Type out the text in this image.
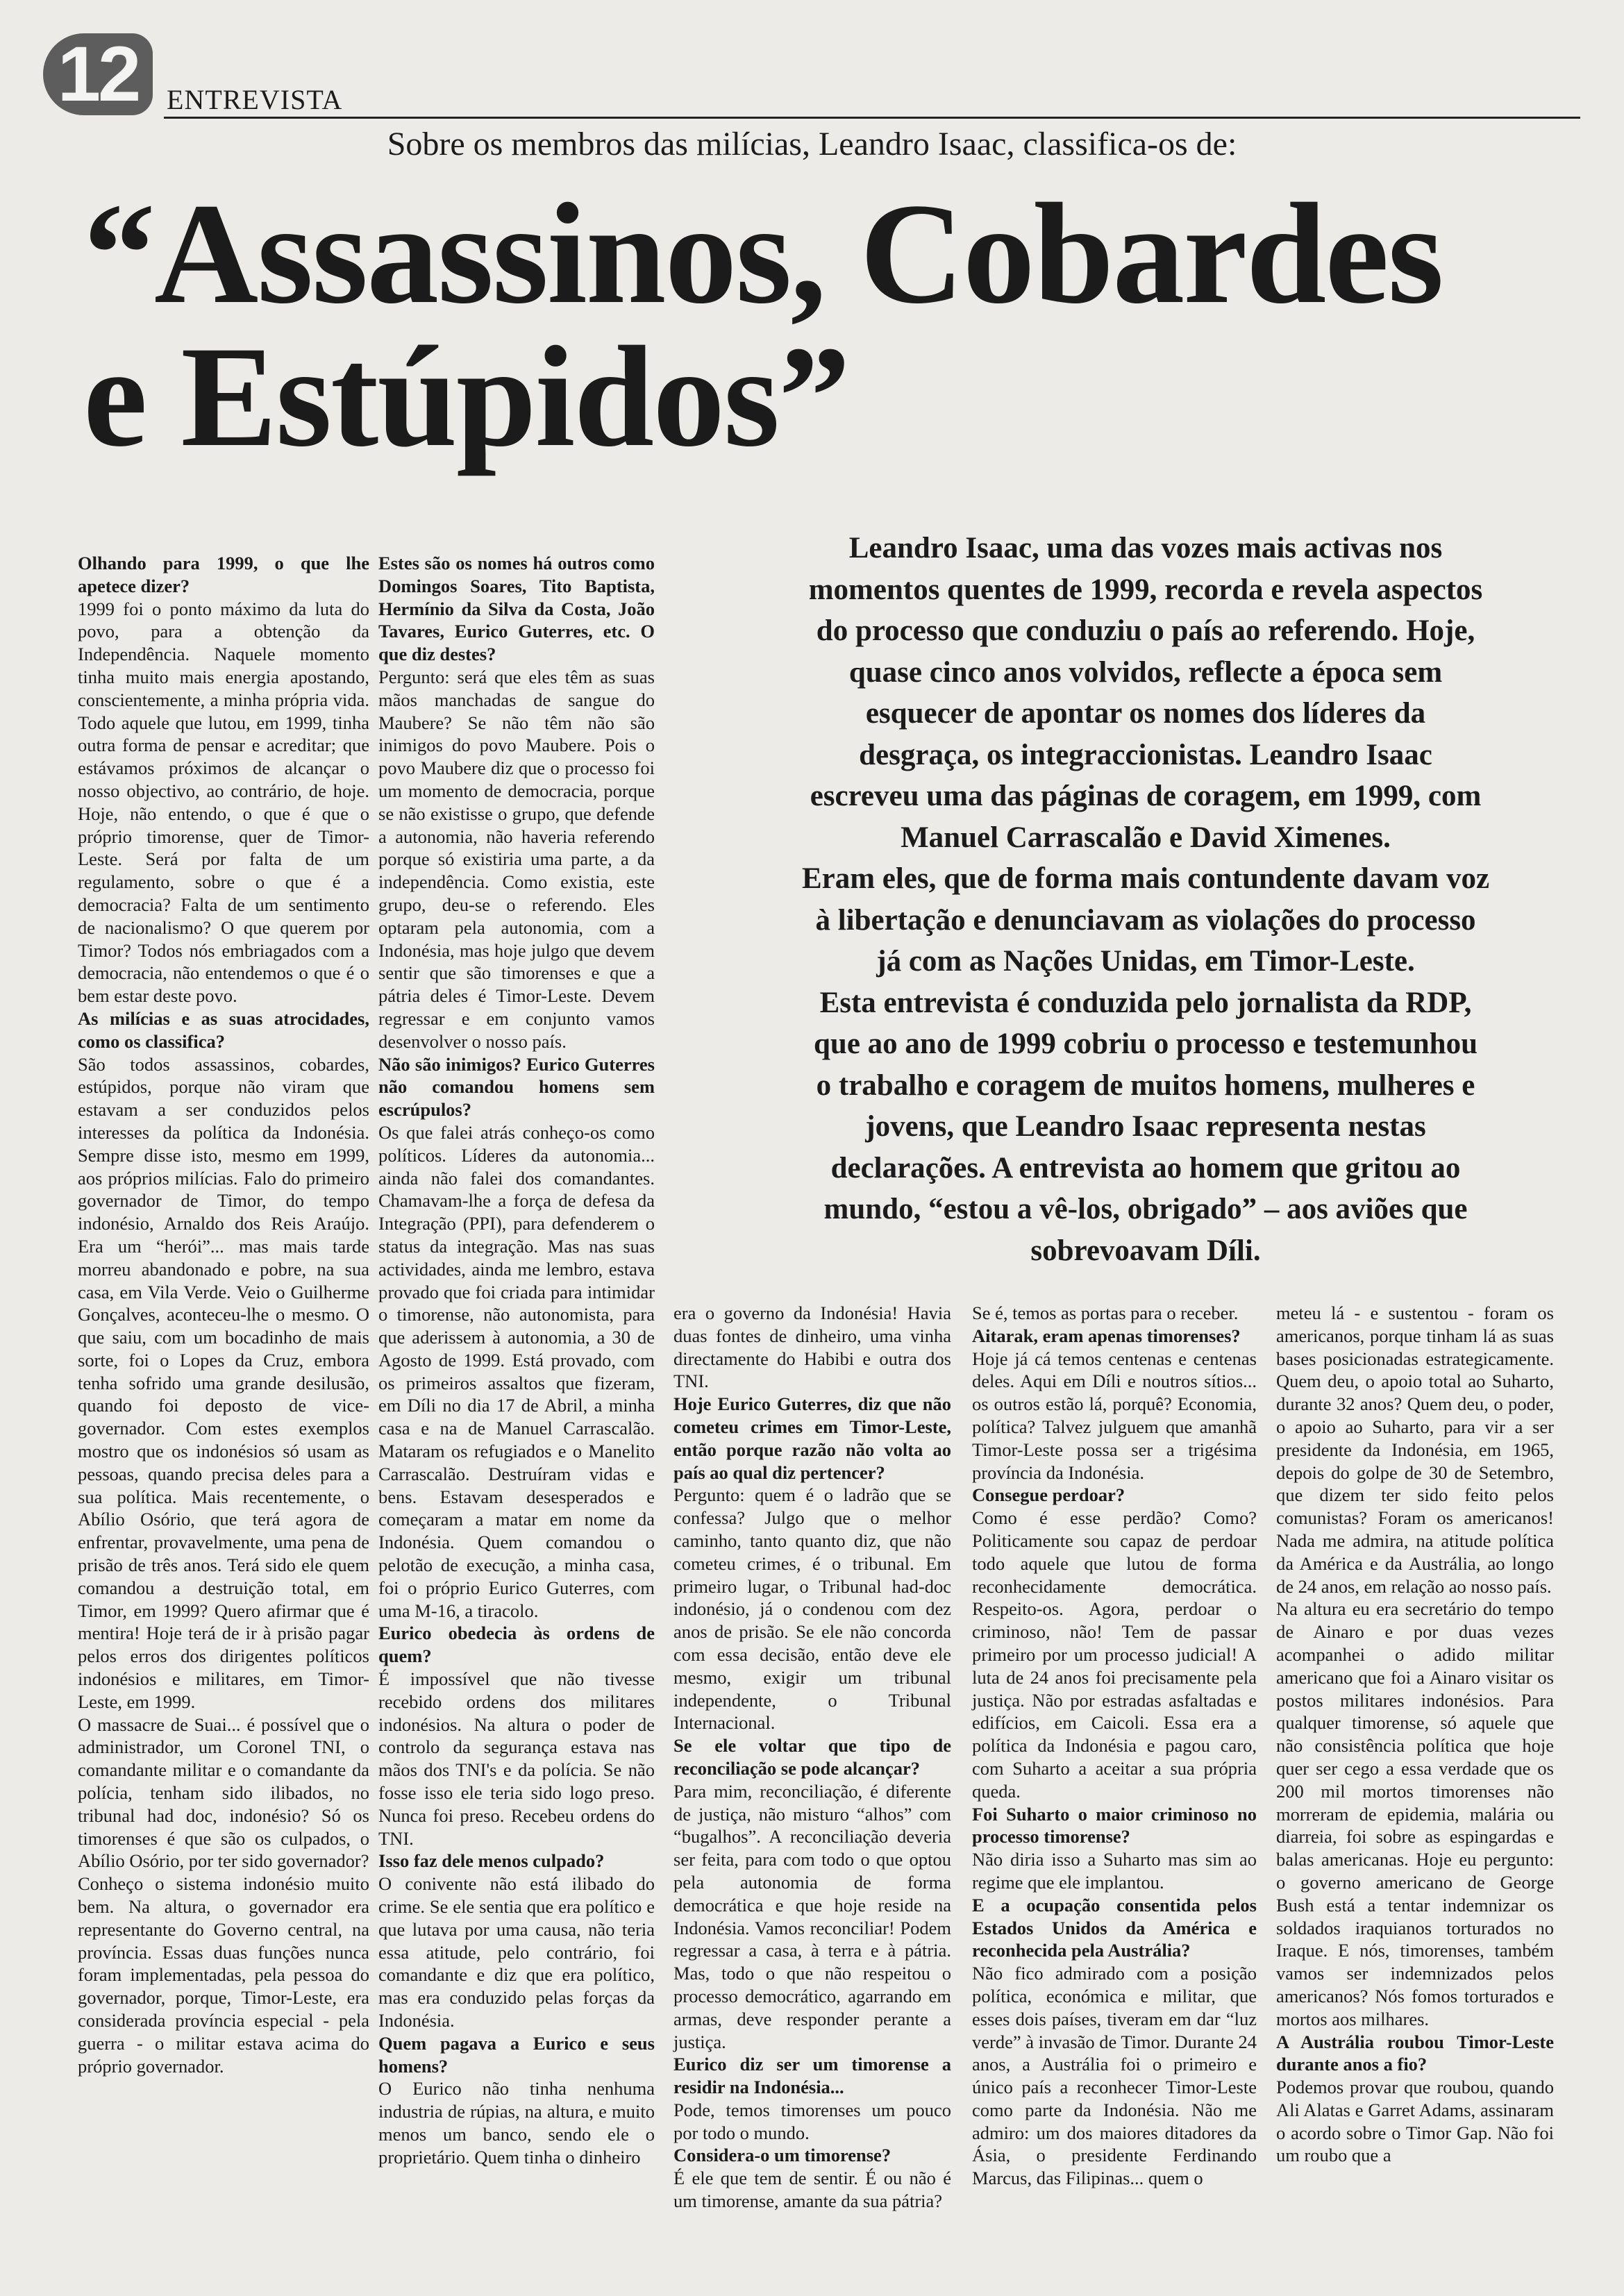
12	ENTREVISTA
Sobre os membros das milícias, Leandro Isaac, classifica-os de:
“Assassinos, Cobardes
e Estúpidos”
Leandro Isaac, uma das vozes mais activas nos
momentos quentes de 1999, recorda e revela aspectos
do processo que conduziu o país ao referendo. Hoje,
quase cinco anos volvidos, reflecte a época sem
esquecer de apontar os nomes dos líderes da
desgraça, os integraccionistas. Leandro Isaac
escreveu uma das páginas de coragem, em 1999, com
Manuel Carrascalão e David Ximenes.
Eram eles, que de forma mais contundente davam voz
à libertação e denunciavam as violações do processo
já com as Nações Unidas, em Timor-Leste.
Esta entrevista é conduzida pelo jornalista da RDP,
que ao ano de 1999 cobriu o processo e testemunhou
o trabalho e coragem de muitos homens, mulheres e
jovens, que Leandro Isaac representa nestas
declarações. A entrevista ao homem que gritou ao
mundo, “estou a vê-los, obrigado” – aos aviões que
sobrevoavam Díli.

Olhando para 1999, o que lhe apetece dizer?

1999 foi o ponto máximo da luta do povo, para a obtenção da Independência. Naquele momento tinha muito mais energia apostando, conscientemente, a minha própria vida. Todo aquele que lutou, em 1999, tinha outra forma de pensar e acreditar; que estávamos próximos de alcançar o nosso objectivo, ao contrário, de hoje. Hoje, não entendo, o que é que o próprio timorense, quer de Timor-Leste. Será por falta de um regulamento, sobre o que é a democracia? Falta de um sentimento de nacionalismo? O que querem por Timor? Todos nós embriagados com a democracia, não entendemos o que é o bem estar deste povo.

As milícias e as suas atrocidades, como os classifica?

São todos assassinos, cobardes, estúpidos, porque não viram que estavam a ser conduzidos pelos interesses da política da Indonésia. Sempre disse isto, mesmo em 1999, aos próprios milícias. Falo do primeiro governador de Timor, do tempo indonésio, Arnaldo dos Reis Araújo. Era um “herói”... mas mais tarde morreu abandonado e pobre, na sua casa, em Vila Verde. Veio o Guilherme Gonçalves, aconteceu-lhe o mesmo. O que saiu, com um bocadinho de mais sorte, foi o Lopes da Cruz, embora tenha sofrido uma grande desilusão, quando foi deposto de vice-governador. Com estes exemplos mostro que os indonésios só usam as pessoas, quando precisa deles para a sua política. Mais recentemente, o Abílio Osório, que terá agora de enfrentar, provavelmente, uma pena de prisão de três anos. Terá sido ele quem comandou a destruição total, em Timor, em 1999? Quero afirmar que é mentira! Hoje terá de ir à prisão pagar pelos erros dos dirigentes políticos indonésios e militares, em Timor-Leste, em 1999.

O massacre de Suai... é possível que o administrador, um Coronel TNI, o comandante militar e o comandante da polícia, tenham sido ilibados, no tribunal had doc, indonésio? Só os timorenses é que são os culpados, o Abílio Osório, por ter sido governador?

Conheço o sistema indonésio muito bem. Na altura, o governador era representante do Governo central, na província. Essas duas funções nunca foram implementadas, pela pessoa do governador, porque, Timor-Leste, era considerada província especial - pela guerra - o militar estava acima do próprio governador.

Estes são os nomes há outros como Domingos Soares, Tito Baptista, Hermínio da Silva da Costa, João Tavares, Eurico Guterres, etc. O que diz destes?

Pergunto: será que eles têm as suas mãos manchadas de sangue do Maubere? Se não têm não são inimigos do povo Maubere. Pois o povo Maubere diz que o processo foi um momento de democracia, porque se não existisse o grupo, que defende a autonomia, não haveria referendo porque só existiria uma parte, a da independência. Como existia, este grupo, deu-se o referendo. Eles optaram pela autonomia, com a Indonésia, mas hoje julgo que devem sentir que são timorenses e que a pátria deles é Timor-Leste. Devem regressar e em conjunto vamos desenvolver o nosso país.

Não são inimigos? Eurico Guterres não comandou homens sem escrúpulos?

Os que falei atrás conheço-os como políticos. Líderes da autonomia... ainda não falei dos comandantes. Chamavam-lhe a força de defesa da Integração (PPI), para defenderem o status da integração. Mas nas suas actividades, ainda me lembro, estava provado que foi criada para intimidar o timorense, não autonomista, para que aderissem à autonomia, a 30 de Agosto de 1999. Está provado, com os primeiros assaltos que fizeram, em Díli no dia 17 de Abril, a minha casa e na de Manuel Carrascalão. Mataram os refugiados e o Manelito Carrascalão. Destruíram vidas e bens. Estavam desesperados e começaram a matar em nome da Indonésia. Quem comandou o pelotão de execução, a minha casa, foi o próprio Eurico Guterres, com uma M-16, a tiracolo.

Eurico obedecia às ordens de quem?

É impossível que não tivesse recebido ordens dos militares indonésios. Na altura o poder de controlo da segurança estava nas mãos dos TNI's e da polícia. Se não fosse isso ele teria sido logo preso. Nunca foi preso. Recebeu ordens do TNI.

Isso faz dele menos culpado?

O conivente não está ilibado do crime. Se ele sentia que era político e que lutava por uma causa, não teria essa atitude, pelo contrário, foi comandante e diz que era político, mas era conduzido pelas forças da Indonésia.

Quem pagava a Eurico e seus homens?

O Eurico não tinha nenhuma industria de rúpias, na altura, e muito menos um banco, sendo ele o proprietário. Quem tinha o dinheiro

era o governo da Indonésia! Havia duas fontes de dinheiro, uma vinha directamente do Habibi e outra dos TNI.

Hoje Eurico Guterres, diz que não cometeu crimes em Timor-Leste, então porque razão não volta ao país ao qual diz pertencer?

Pergunto: quem é o ladrão que se confessa? Julgo que o melhor caminho, tanto quanto diz, que não cometeu crimes, é o tribunal. Em primeiro lugar, o Tribunal had-doc indonésio, já o condenou com dez anos de prisão. Se ele não concorda com essa decisão, então deve ele mesmo, exigir um tribunal independente, o Tribunal Internacional.

Se ele voltar que tipo de reconciliação se pode alcançar?

Para mim, reconciliação, é diferente de justiça, não misturo “alhos” com “bugalhos”. A reconciliação deveria ser feita, para com todo o que optou pela autonomia de forma democrática e que hoje reside na Indonésia. Vamos reconciliar! Podem regressar a casa, à terra e à pátria. Mas, todo o que não respeitou o processo democrático, agarrando em armas, deve responder perante a justiça.

Eurico diz ser um timorense a residir na Indonésia...

Pode, temos timorenses um pouco por todo o mundo.

Considera-o um timorense?

É ele que tem de sentir. É ou não é um timorense, amante da sua pátria?

Se é, temos as portas para o receber.

Aitarak, eram apenas timorenses?

Hoje já cá temos centenas e centenas deles. Aqui em Díli e noutros sítios... os outros estão lá, porquê? Economia, política? Talvez julguem que amanhã Timor-Leste possa ser a trigésima província da Indonésia.

Consegue perdoar?

Como é esse perdão? Como? Politicamente sou capaz de perdoar todo aquele que lutou de forma reconhecidamente democrática. Respeito-os. Agora, perdoar o criminoso, não! Tem de passar primeiro por um processo judicial! A luta de 24 anos foi precisamente pela justiça. Não por estradas asfaltadas e edifícios, em Caicoli. Essa era a política da Indonésia e pagou caro, com Suharto a aceitar a sua própria queda.

Foi Suharto o maior criminoso no processo timorense?

Não diria isso a Suharto mas sim ao regime que ele implantou.

E a ocupação consentida pelos Estados Unidos da América e reconhecida pela Austrália?

Não fico admirado com a posição política, económica e militar, que esses dois países, tiveram em dar “luz verde” à invasão de Timor. Durante 24 anos, a Austrália foi o primeiro e único país a reconhecer Timor-Leste como parte da Indonésia. Não me admiro: um dos maiores ditadores da Ásia, o presidente Ferdinando Marcus, das Filipinas... quem o

meteu lá - e sustentou - foram os americanos, porque tinham lá as suas bases posicionadas estrategicamente. Quem deu, o apoio total ao Suharto, durante 32 anos? Quem deu, o poder, o apoio ao Suharto, para vir a ser presidente da Indonésia, em 1965, depois do golpe de 30 de Setembro, que dizem ter sido feito pelos comunistas? Foram os americanos! Nada me admira, na atitude política da América e da Austrália, ao longo de 24 anos, em relação ao nosso país.

Na altura eu era secretário do tempo de Ainaro e por duas vezes acompanhei o adido militar americano que foi a Ainaro visitar os postos militares indonésios. Para qualquer timorense, só aquele que não consistência política que hoje quer ser cego a essa verdade que os 200 mil mortos timorenses não morreram de epidemia, malária ou diarreia, foi sobre as espingardas e balas americanas. Hoje eu pergunto: o governo americano de George Bush está a tentar indemnizar os soldados iraquianos torturados no Iraque. E nós, timorenses, também vamos ser indemnizados pelos americanos? Nós fomos torturados e mortos aos milhares.

A Austrália roubou Timor-Leste durante anos a fio?

Podemos provar que roubou, quando Ali Alatas e Garret Adams, assinaram o acordo sobre o Timor Gap. Não foi um roubo que a
